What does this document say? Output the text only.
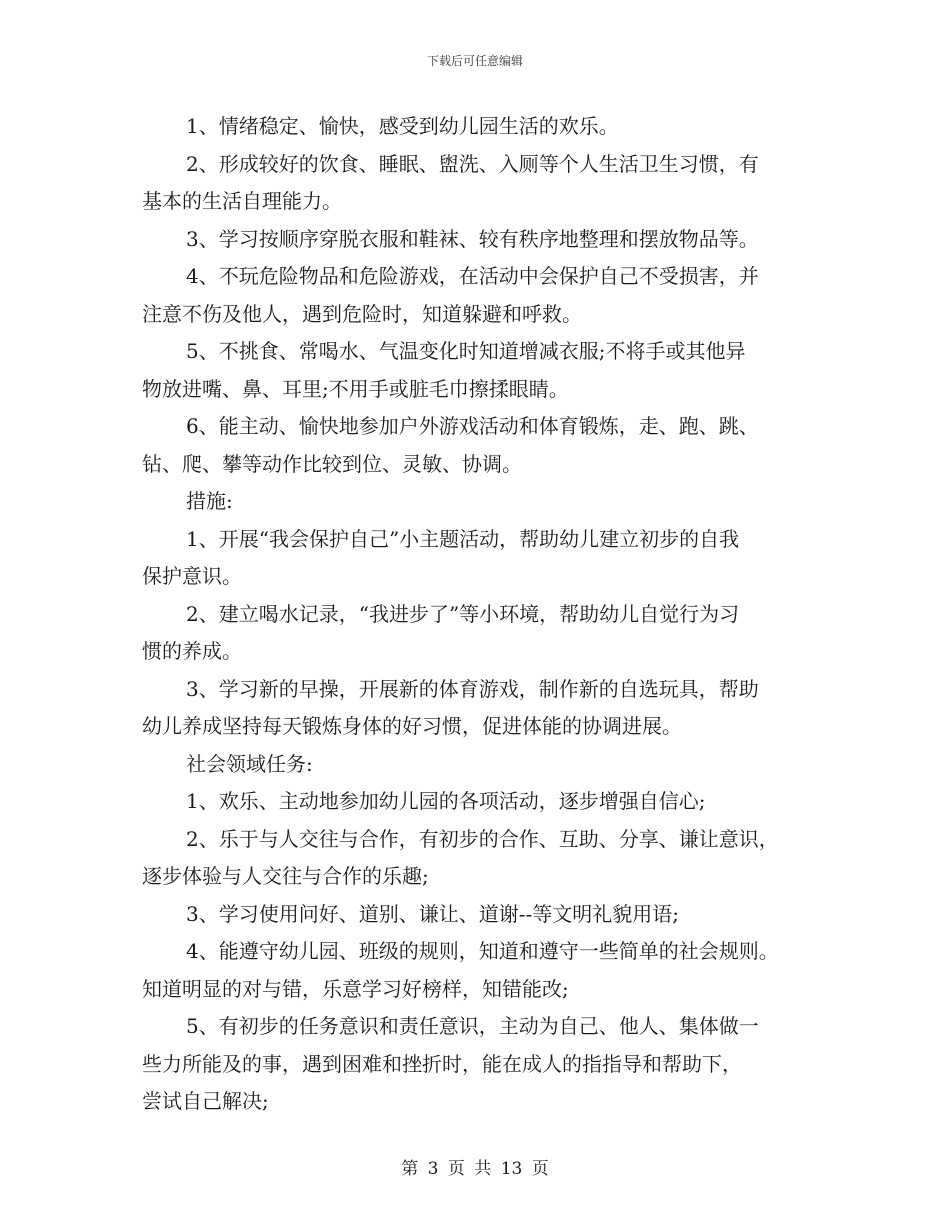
下载后可任意编辑
1、情绪稳定、愉快，感受到幼儿园生活的欢乐。
2、形成较好的饮食、睡眠、盥洗、入厕等个人生活卫生习惯，有
基本的生活自理能力。
3、学习按顺序穿脱衣服和鞋袜、较有秩序地整理和摆放物品等。
4、不玩危险物品和危险游戏，在活动中会保护自己不受损害，并
注意不伤及他人，遇到危险时，知道躲避和呼救。
5、不挑食、常喝水、气温变化时知道增减衣服;不将手或其他异
物放进嘴、鼻、耳里;不用手或脏毛巾擦揉眼睛。
6、能主动、愉快地参加户外游戏活动和体育锻炼，走、跑、跳、
钻、爬、攀等动作比较到位、灵敏、协调。
措施:
1、开展“我会保护自己”小主题活动，帮助幼儿建立初步的自我
保护意识。
2、建立喝水记录，“我进步了”等小环境，帮助幼儿自觉行为习
惯的养成。
3、学习新的早操，开展新的体育游戏，制作新的自选玩具，帮助
幼儿养成坚持每天锻炼身体的好习惯，促进体能的协调进展。
社会领域任务:
1、欢乐、主动地参加幼儿园的各项活动，逐步增强自信心;
2、乐于与人交往与合作，有初步的合作、互助、分享、谦让意识，
逐步体验与人交往与合作的乐趣;
3、学习使用问好、道别、谦让、道谢--等文明礼貌用语;
4、能遵守幼儿园、班级的规则，知道和遵守一些简单的社会规则。
知道明显的对与错，乐意学习好榜样，知错能改;
5、有初步的任务意识和责任意识，主动为自己、他人、集体做一
些力所能及的事，遇到困难和挫折时，能在成人的指指导和帮助下，
尝试自己解决;
第 3 页 共 13 页
